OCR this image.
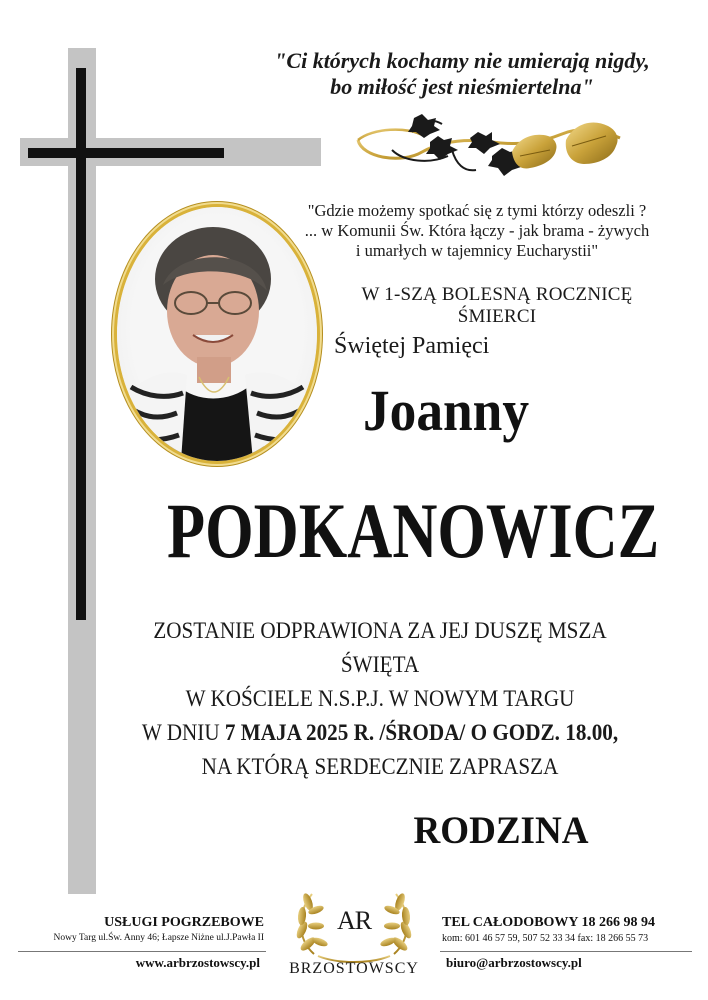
"Ci których kochamy nie umierają nigdy,
bo miłość jest nieśmiertelna"
"Gdzie możemy spotkać się z tymi którzy odeszli ?
... w Komunii Św. Która łączy - jak brama - żywych
i umarłych w tajemnicy Eucharystii"
W 1-SZĄ BOLESNĄ ROCZNICĘ ŚMIERCI
Świętej Pamięci
Joanny
PODKANOWICZ
ZOSTANIE ODPRAWIONA ZA JEJ DUSZĘ MSZA ŚWIĘTA
W KOŚCIELE N.S.P.J. W NOWYM TARGU
W DNIU 7 MAJA 2025 R. /ŚRODA/ O GODZ. 18.00,
NA KTÓRĄ SERDECZNIE ZAPRASZA
RODZINA
USŁUGI POGRZEBOWE
Nowy Targ ul.Św. Anny 46; Łapsze Niżne ul.J.Pawła II
www.arbrzostowscy.pl
TEL CAŁODOBOWY 18 266 98 94
kom: 601 46 57 59, 507 52 33 34 fax: 18 266 55 73
biuro@arbrzostowscy.pl
AR
BRZOSTOWSCY
